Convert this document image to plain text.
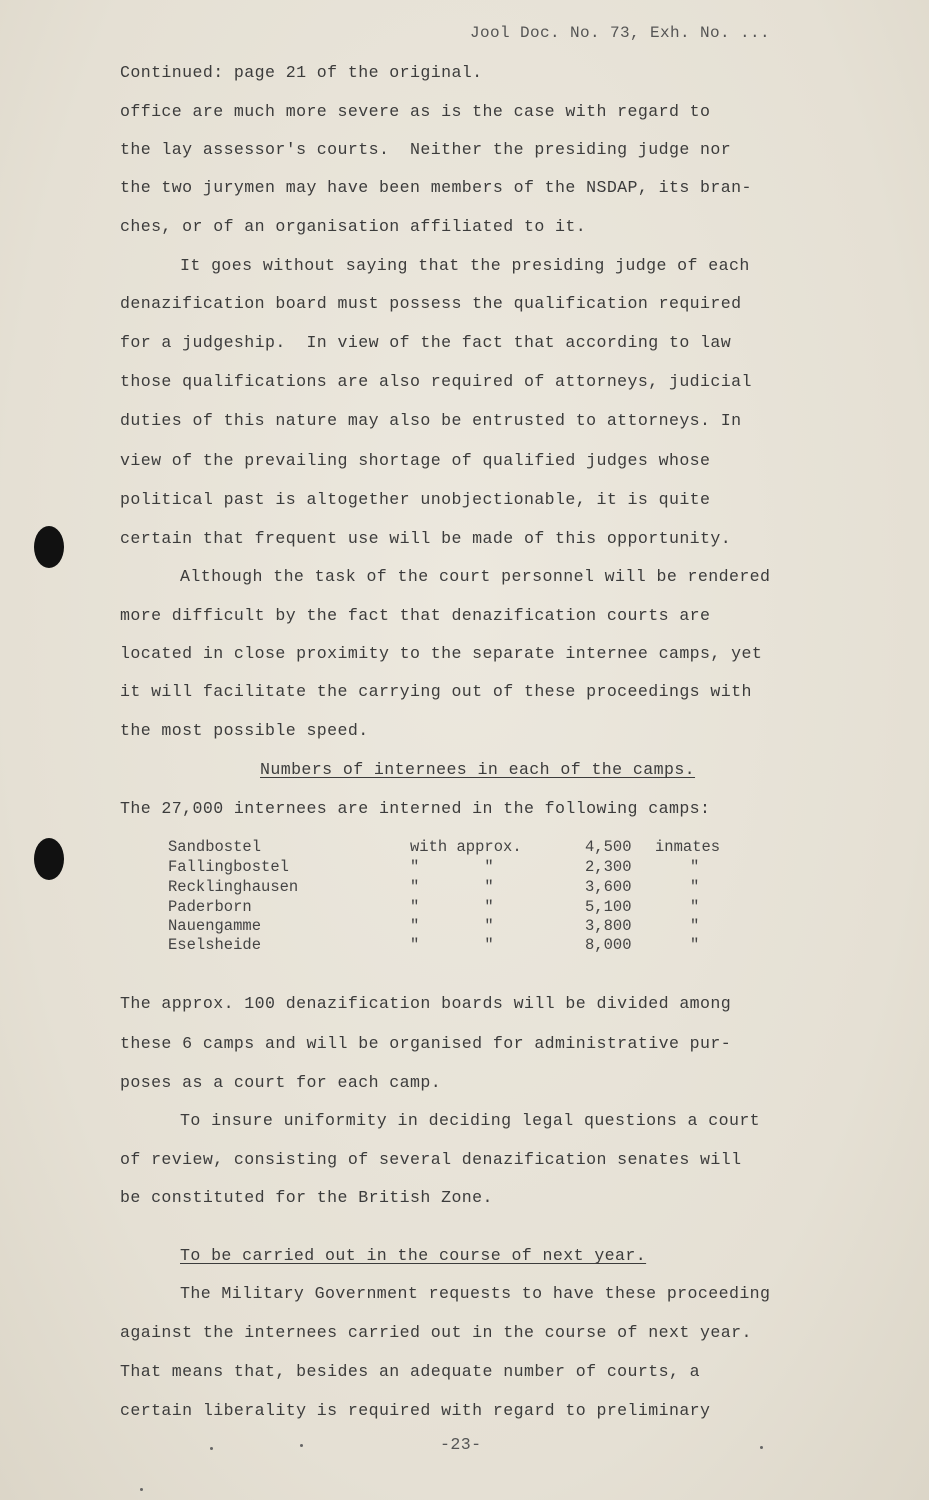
Jool Doc. No. 73, Exh. No. ...
Continued: page 21 of the original.
office are much more severe as is the case with regard to
the lay assessor's courts.  Neither the presiding judge nor
the two jurymen may have been members of the NSDAP, its bran-
ches, or of an organisation affiliated to it.
It goes without saying that the presiding judge of each
denazification board must possess the qualification required
for a judgeship.  In view of the fact that according to law
those qualifications are also required of attorneys, judicial
duties of this nature may also be entrusted to attorneys. In
view of the prevailing shortage of qualified judges whose
political past is altogether unobjectionable, it is quite
certain that frequent use will be made of this opportunity.
Although the task of the court personnel will be rendered
more difficult by the fact that denazification courts are
located in close proximity to the separate internee camps, yet
it will facilitate the carrying out of these proceedings with
the most possible speed.
Numbers of internees in each of the camps.
The 27,000 internees are interned in the following camps:
Sandbostel	with approx.	4,500 inmates
Fallingbostel	"       "	2,300	"
Recklinghausen	"       "	3,600	"
Paderborn	"       "	5,100	"
Nauengamme	"       "	3,800	"
Eselsheide	"       "	8,000	"
The approx. 100 denazification boards will be divided among
these 6 camps and will be organised for administrative pur-
poses as a court for each camp.
To insure uniformity in deciding legal questions a court
of review, consisting of several denazification senates will
be constituted for the British Zone.
To be carried out in the course of next year.
The Military Government requests to have these proceeding
against the internees carried out in the course of next year.
That means that, besides an adequate number of courts, a
certain liberality is required with regard to preliminary
-23-
